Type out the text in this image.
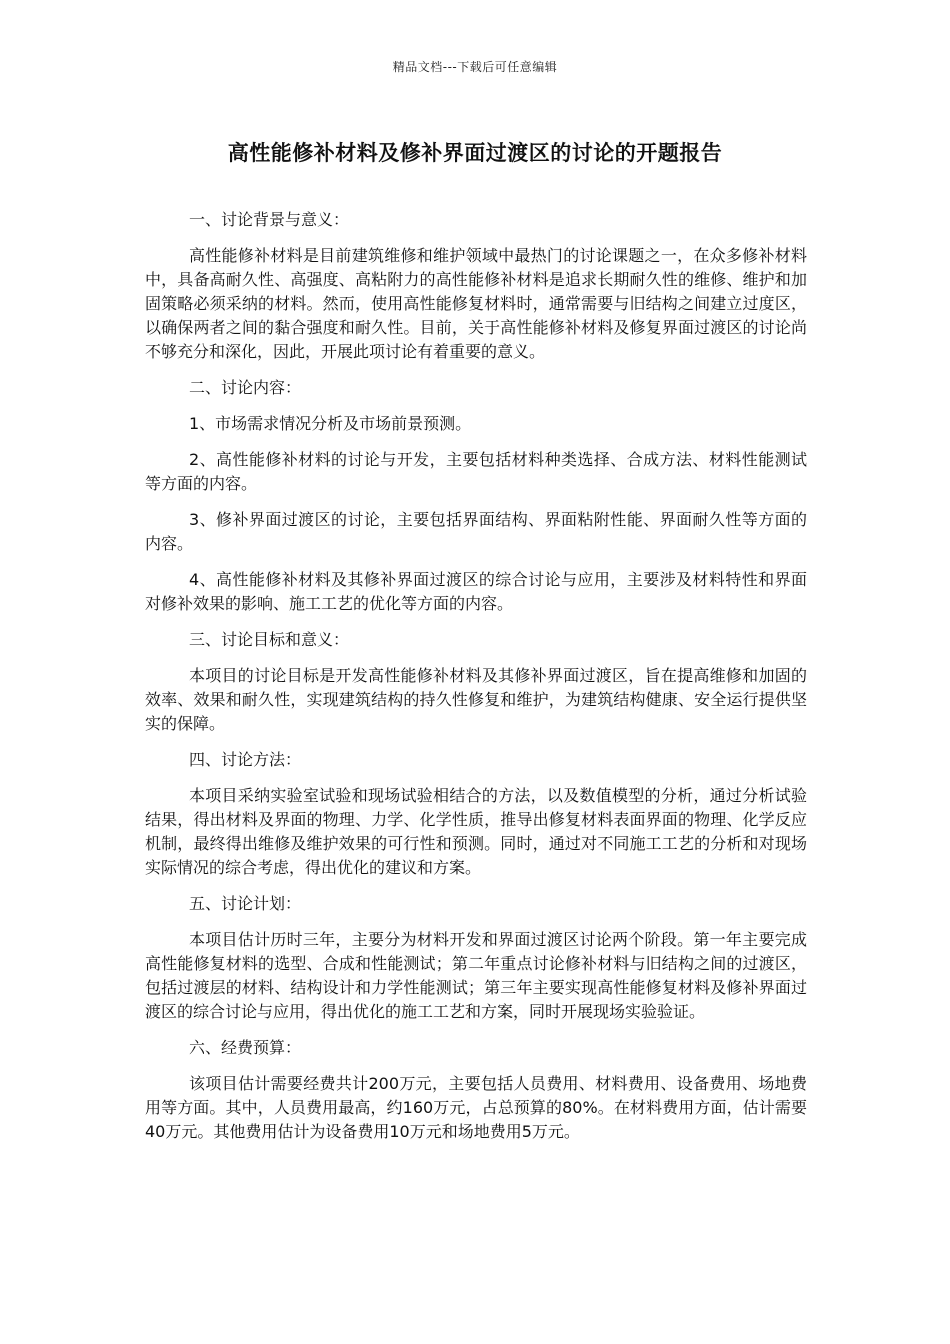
精品文档---下载后可任意编辑
高性能修补材料及修补界面过渡区的讨论的开题报告

一、讨论背景与意义：

高性能修补材料是目前建筑维修和维护领域中最热门的讨论课题之一，在众多修补材料中，具备高耐久性、高强度、高粘附力的高性能修补材料是追求长期耐久性的维修、维护和加固策略必须采纳的材料。然而，使用高性能修复材料时，通常需要与旧结构之间建立过度区，以确保两者之间的黏合强度和耐久性。目前，关于高性能修补材料及修复界面过渡区的讨论尚不够充分和深化，因此，开展此项讨论有着重要的意义。

二、讨论内容：

1、市场需求情况分析及市场前景预测。

2、高性能修补材料的讨论与开发，主要包括材料种类选择、合成方法、材料性能测试等方面的内容。

3、修补界面过渡区的讨论，主要包括界面结构、界面粘附性能、界面耐久性等方面的内容。

4、高性能修补材料及其修补界面过渡区的综合讨论与应用，主要涉及材料特性和界面对修补效果的影响、施工工艺的优化等方面的内容。

三、讨论目标和意义：

本项目的讨论目标是开发高性能修补材料及其修补界面过渡区，旨在提高维修和加固的效率、效果和耐久性，实现建筑结构的持久性修复和维护，为建筑结构健康、安全运行提供坚实的保障。

四、讨论方法：

本项目采纳实验室试验和现场试验相结合的方法，以及数值模型的分析，通过分析试验结果，得出材料及界面的物理、力学、化学性质，推导出修复材料表面界面的物理、化学反应机制，最终得出维修及维护效果的可行性和预测。同时，通过对不同施工工艺的分析和对现场实际情况的综合考虑，得出优化的建议和方案。

五、讨论计划：

本项目估计历时三年，主要分为材料开发和界面过渡区讨论两个阶段。第一年主要完成高性能修复材料的选型、合成和性能测试；第二年重点讨论修补材料与旧结构之间的过渡区，包括过渡层的材料、结构设计和力学性能测试；第三年主要实现高性能修复材料及修补界面过渡区的综合讨论与应用，得出优化的施工工艺和方案，同时开展现场实验验证。

六、经费预算：

该项目估计需要经费共计200万元，主要包括人员费用、材料费用、设备费用、场地费用等方面。其中，人员费用最高，约160万元，占总预算的80%。在材料费用方面，估计需要40万元。其他费用估计为设备费用10万元和场地费用5万元。
